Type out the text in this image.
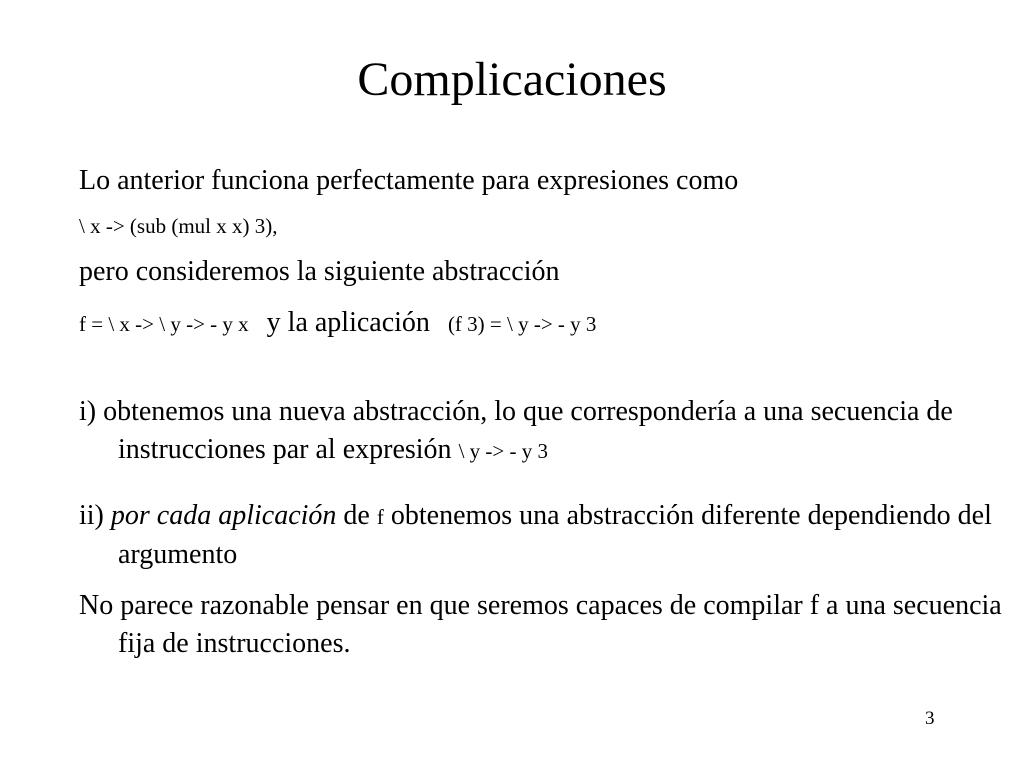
Complicaciones
Lo anterior funciona perfectamente para expresiones como
\ x -> (sub (mul x x) 3),
pero consideremos la siguiente abstracción
f = \ x -> \ y -> - y x y la aplicación (f 3) = \ y -> - y 3
i) obtenemos una nueva abstracción, lo que correspondería a una secuencia de instrucciones par al expresión \ y -> - y 3
ii) por cada aplicación de f obtenemos una abstracción diferente dependiendo del argumento
No parece razonable pensar en que seremos capaces de compilar f a una secuencia fija de instrucciones.
3
